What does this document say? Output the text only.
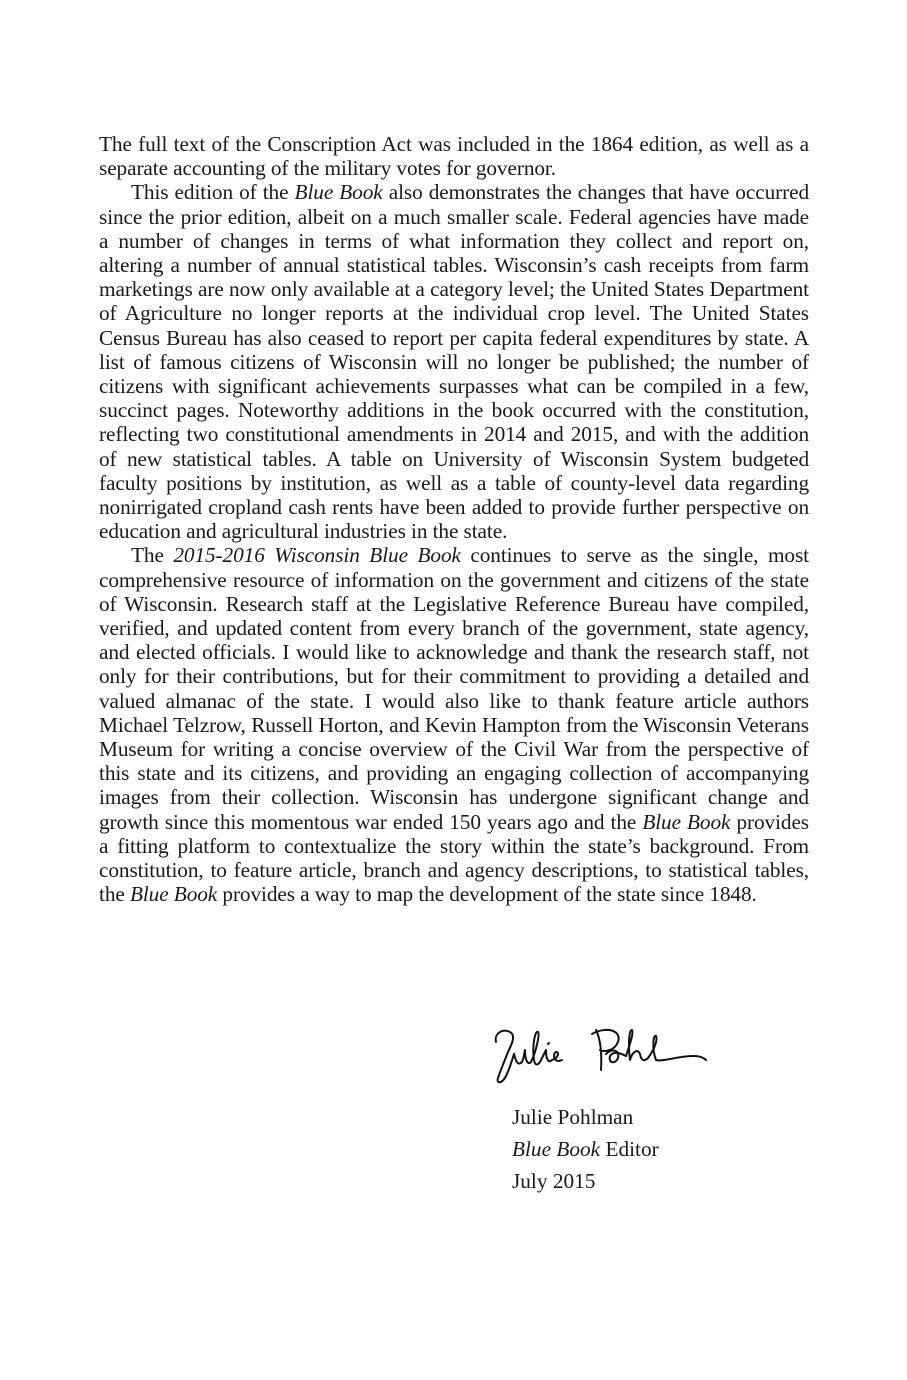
The full text of the Conscription Act was included in the 1864 edition, as well as a separate accounting of the military votes for governor.

This edition of the Blue Book also demonstrates the changes that have occurred since the prior edition, albeit on a much smaller scale. Federal agencies have made a number of changes in terms of what information they collect and report on, altering a number of annual statistical tables. Wisconsin’s cash receipts from farm marketings are now only available at a category level; the United States Department of Agriculture no longer reports at the individual crop level. The United States Census Bureau has also ceased to report per capita federal expenditures by state. A list of famous citizens of Wisconsin will no longer be published; the number of citizens with significant achievements surpasses what can be compiled in a few, succinct pages. Noteworthy additions in the book occurred with the constitution, reflecting two constitutional amendments in 2014 and 2015, and with the addition of new statistical tables. A table on University of Wisconsin System budgeted faculty positions by institution, as well as a table of county-level data regarding nonirrigated cropland cash rents have been added to provide further perspective on education and agricultural industries in the state.

The 2015-2016 Wisconsin Blue Book continues to serve as the single, most comprehensive resource of information on the government and citizens of the state of Wisconsin. Research staff at the Legislative Reference Bureau have compiled, verified, and updated content from every branch of the government, state agency, and elected officials. I would like to acknowledge and thank the research staff, not only for their contributions, but for their commitment to providing a detailed and valued almanac of the state. I would also like to thank feature article authors Michael Telzrow, Russell Horton, and Kevin Hampton from the Wisconsin Veterans Museum for writing a concise overview of the Civil War from the perspective of this state and its citizens, and providing an engaging collection of accompanying images from their collection. Wisconsin has undergone significant change and growth since this momentous war ended 150 years ago and the Blue Book provides a fitting platform to contextualize the story within the state’s background. From constitution, to feature article, branch and agency descriptions, to statistical tables, the Blue Book provides a way to map the development of the state since 1848.

Julie Pohlman
Blue Book Editor
July 2015
